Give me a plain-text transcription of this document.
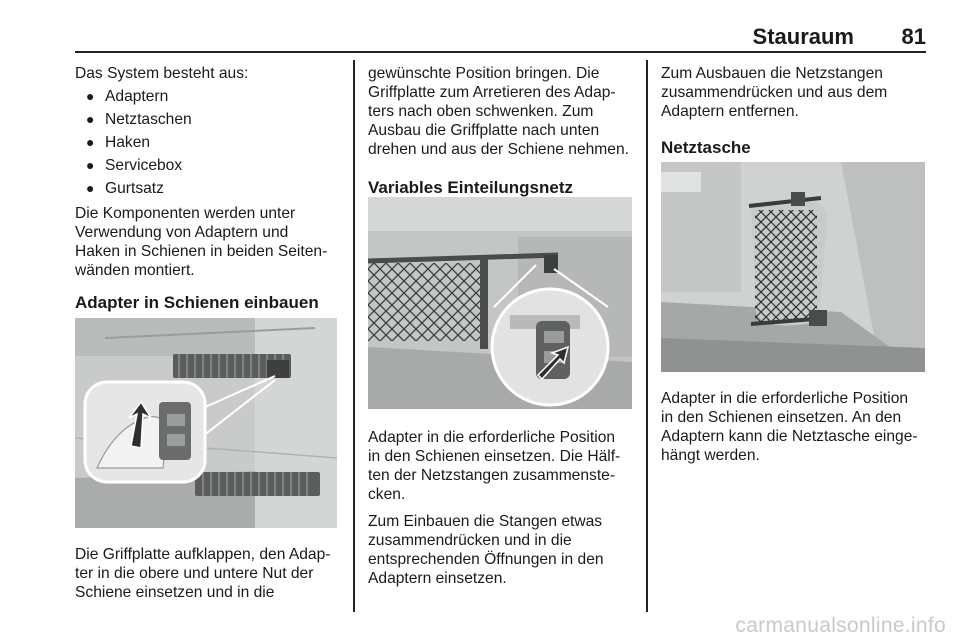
Stauraum 81

Das System besteht aus:

● Adaptern
● Netztaschen
● Haken
● Servicebox
● Gurtsatz

Die Komponenten werden unter
Verwendung von Adaptern und
Haken in Schienen in beiden Seiten-
wänden montiert.

Adapter in Schienen einbauen

Die Griffplatte aufklappen, den Adap-
ter in die obere und untere Nut der
Schiene einsetzen und in die

gewünschte Position bringen. Die
Griffplatte zum Arretieren des Adap-
ters nach oben schwenken. Zum
Ausbau die Griffplatte nach unten
drehen und aus der Schiene nehmen.

Variables Einteilungsnetz

Adapter in die erforderliche Position
in den Schienen einsetzen. Die Hälf-
ten der Netzstangen zusammenste-
cken.

Zum Einbauen die Stangen etwas
zusammendrücken und in die
entsprechenden Öffnungen in den
Adaptern einsetzen.

Zum Ausbauen die Netzstangen
zusammendrücken und aus dem
Adaptern entfernen.

Netztasche

Adapter in die erforderliche Position
in den Schienen einsetzen. An den
Adaptern kann die Netztasche einge-
hängt werden.

carmanualsonline.info
